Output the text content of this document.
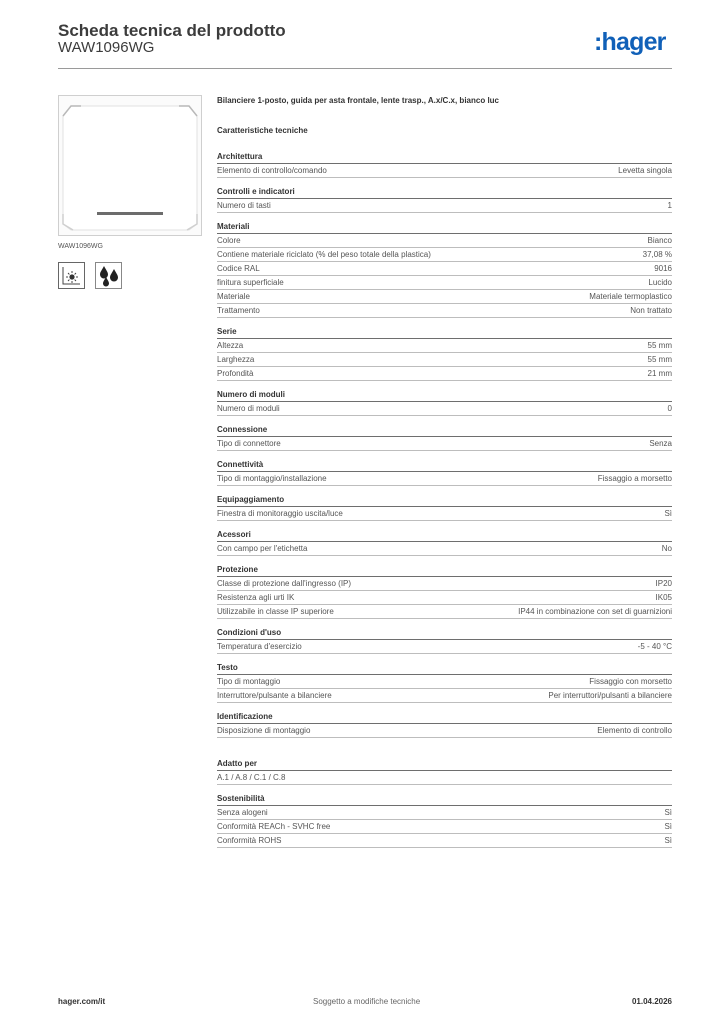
Scheda tecnica del prodotto
WAW1096WG	:hager
WAW1096WG
Bilanciere 1-posto, guida per asta frontale, lente trasp., A.x/C.x, bianco luc
Caratteristiche tecniche
Architettura
Elemento di controllo/comando	Levetta singola
Controlli e indicatori
Numero di tasti	1
Materiali
Colore	Bianco
Contiene materiale riciclato (% del peso totale della plastica)	37,08 %
Codice RAL	9016
finitura superficiale	Lucido
Materiale	Materiale termoplastico
Trattamento	Non trattato
Serie
Altezza	55 mm
Larghezza	55 mm
Profondità	21 mm
Numero di moduli
Numero di moduli	0
Connessione
Tipo di connettore	Senza
Connettività
Tipo di montaggio/installazione	Fissaggio a morsetto
Equipaggiamento
Finestra di monitoraggio uscita/luce	Sì
Acessori
Con campo per l'etichetta	No
Protezione
Classe di protezione dall'ingresso (IP)	IP20
Resistenza agli urti IK	IK05
Utilizzabile in classe IP superiore	IP44 in combinazione con set di guarnizioni
Condizioni d'uso
Temperatura d'esercizio	-5 - 40 °C
Testo
Tipo di montaggio	Fissaggio con morsetto
Interruttore/pulsante a bilanciere	Per interruttori/pulsanti a bilanciere
Identificazione
Disposizione di montaggio	Elemento di controllo
Adatto per
A.1 / A.8 / C.1 / C.8
Sostenibilità
Senza alogeni	Sì
Conformità REACh - SVHC free	Sì
Conformità ROHS	Sì
hager.com/it	Soggetto a modifiche tecniche	01.04.2026
